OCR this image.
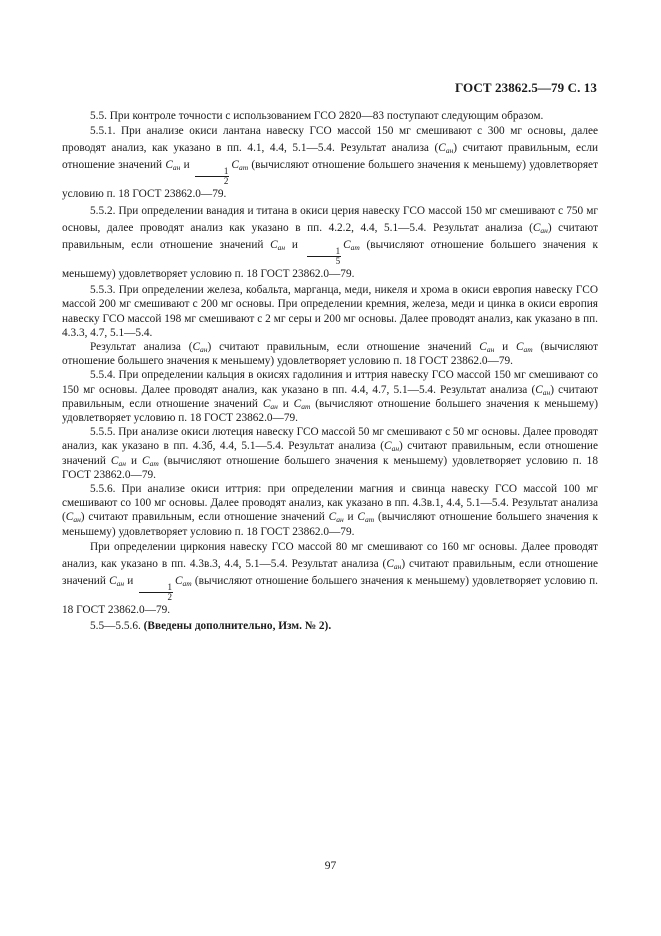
ГОСТ 23862.5—79 С. 13

5.5. При контроле точности с использованием ГСО 2820—83 поступают следующим образом.

5.5.1. При анализе окиси лантана навеску ГСО массой 150 мг смешивают с 300 мг основы, далее проводят анализ, как указано в пп. 4.1, 4.4, 5.1—5.4. Результат анализа $(C_{ан})$ считают правильным, если отношение значений $C_{ан}$ и
$\frac{1}{2}$
$C_{ат}$ (вычисляют отношение большего значения к меньшему) удовлетворяет условию п. 18 ГОСТ 23862.0—79.

5.5.2. При определении ванадия и титана в окиси церия навеску ГСО массой 150 мг смешивают с 750 мг основы, далее проводят анализ как указано в пп. 4.2.2, 4.4, 5.1—5.4. Результат анализа $(C_{ан})$ считают правильным, если отношение значений $C_{ан}$ и
$\frac{1}{5}$
$C_{ат}$ (вычисляют отношение большего значения к меньшему) удовлетворяет условию п. 18 ГОСТ 23862.0—79.

5.5.3. При определении железа, кобальта, марганца, меди, никеля и хрома в окиси европия навеску ГСО массой 200 мг смешивают с 200 мг основы. При определении кремния, железа, меди и цинка в окиси европия навеску ГСО массой 198 мг смешивают с 2 мг серы и 200 мг основы. Далее проводят анализ, как указано в пп. 4.3.3, 4.7, 5.1—5.4.

Результат анализа $(C_{ан})$ считают правильным, если отношение значений $C_{ан}$ и $C_{ат}$ (вычисляют отношение большего значения к меньшему) удовлетворяет условию п. 18 ГОСТ 23862.0—79.

5.5.4. При определении кальция в окисях гадолиния и иттрия навеску ГСО массой 150 мг смешивают со 150 мг основы. Далее проводят анализ, как указано в пп. 4.4, 4.7, 5.1—5.4. Результат анализа $(C_{ан})$ считают правильным, если отношение значений $C_{ан}$ и $C_{ат}$ (вычисляют отношение большего значения к меньшему) удовлетворяет условию п. 18 ГОСТ 23862.0—79.

5.5.5. При анализе окиси лютеция навеску ГСО массой 50 мг смешивают с 50 мг основы. Далее проводят анализ, как указано в пп. 4.3б, 4.4, 5.1—5.4. Результат анализа $(C_{ан})$ считают правильным, если отношение значений $C_{ан}$ и $C_{ат}$ (вычисляют отношение большего значения к меньшему) удовлетворяет условию п. 18 ГОСТ 23862.0—79.

5.5.6. При анализе окиси иттрия: при определении магния и свинца навеску ГСО массой 100 мг смешивают со 100 мг основы. Далее проводят анализ, как указано в пп. 4.3в.1, 4.4, 5.1—5.4. Результат анализа $(C_{ан})$ считают правильным, если отношение значений $C_{ан}$ и $C_{ат}$ (вычисляют отношение большего значения к меньшему) удовлетворяет условию п. 18 ГОСТ 23862.0—79.

При определении циркония навеску ГСО массой 80 мг смешивают со 160 мг основы. Далее проводят анализ, как указано в пп. 4.3в.3, 4.4, 5.1—5.4. Результат анализа $(C_{ан})$ считают правильным, если отношение значений $C_{ан}$ и
$\frac{1}{2}$
$C_{ат}$ (вычисляют отношение большего значения к меньшему) удовлетворяет условию п. 18 ГОСТ 23862.0—79.

5.5—5.5.6. (Введены дополнительно, Изм. № 2).

97
